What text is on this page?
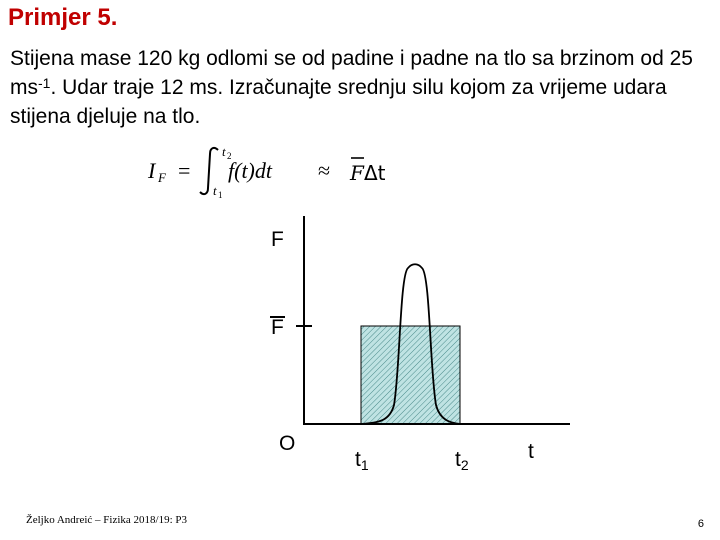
Primjer 5.
Stijena mase 120 kg odlomi se od padine i padne na tlo sa brzinom od 25 $ms^{-1}$. Udar traje 12 ms. Izračunajte srednju silu kojom za vrijeme udara stijena djeluje na tlo.
I F =
t 2
t 1
f(t)dt ≈ F Δt
F
F
O
$t_1$	$t_2$
t
Željko Andreić – Fizika 2018/19: P3	6
